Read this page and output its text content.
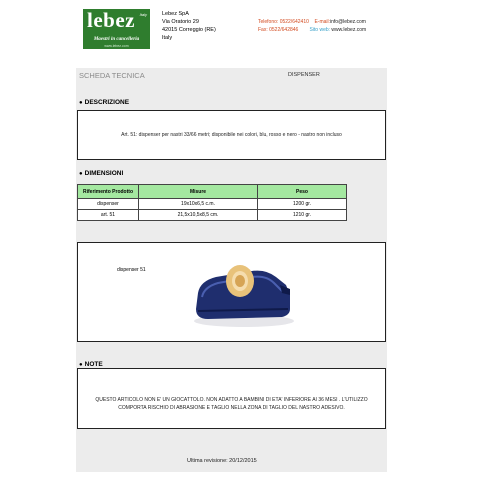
lebez Italy
Maestri in cancelleria
www.lebez.com
Lebez SpA
Via Oratorio 29
42015 Correggio (RE)
Italy
Telefono: 0522/642410 E-mail:info@lebez.com
Fax: 0522/642846 Sito web: www.lebez.com
SCHEDA TECNICA	DISPENSER
● DESCRIZIONE
Art. 51: dispenser per nastri 33/66 metri; disponibile nei colori, blu, rosso e nero - nastro non incluso
● DIMENSIONI
Riferimento Prodotto	Misure	Peso
dispenser	19x10x6,5 c.m.	1200 gr.
art. 51	21,5x10,5x8,5 cm.	1210 gr.
dispenser 51
● NOTE
QUESTO ARTICOLO NON E' UN GIOCATTOLO. NON ADATTO A BAMBINI DI ETA' INFERIORE AI 36 MESI . L'UTILIZZO
COMPORTA RISCHIO DI ABRASIONE E TAGLIO NELLA ZONA DI TAGLIO DEL NASTRO ADESIVO.
Ultima revisione: 20/12/2015
